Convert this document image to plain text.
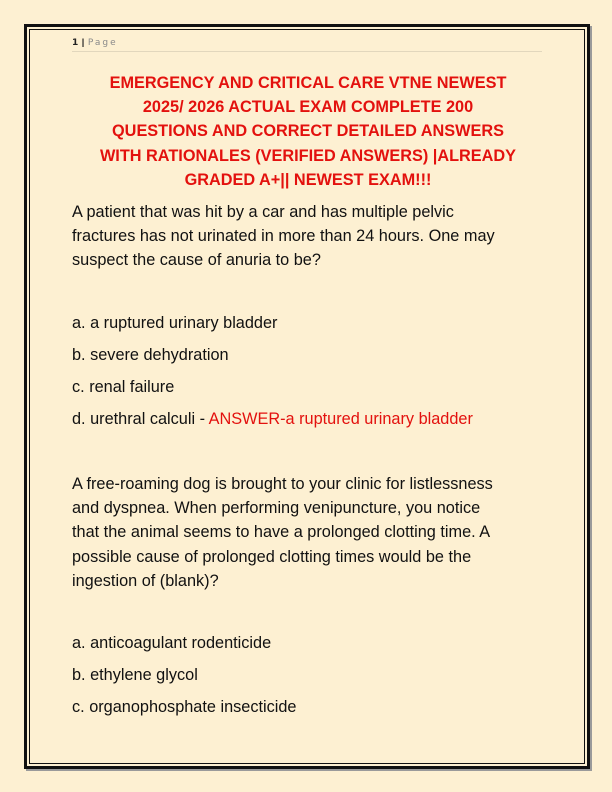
1 | Page
EMERGENCY AND CRITICAL CARE VTNE NEWEST
2025/ 2026 ACTUAL EXAM COMPLETE 200
QUESTIONS AND CORRECT DETAILED ANSWERS
WITH RATIONALES (VERIFIED ANSWERS) |ALREADY
GRADED A+|| NEWEST EXAM!!!
A patient that was hit by a car and has multiple pelvic
fractures has not urinated in more than 24 hours. One may
suspect the cause of anuria to be?
a. a ruptured urinary bladder
b. severe dehydration
c. renal failure
d. urethral calculi - ANSWER-a ruptured urinary bladder
A free-roaming dog is brought to your clinic for listlessness
and dyspnea. When performing venipuncture, you notice
that the animal seems to have a prolonged clotting time. A
possible cause of prolonged clotting times would be the
ingestion of (blank)?
a. anticoagulant rodenticide
b. ethylene glycol
c. organophosphate insecticide
